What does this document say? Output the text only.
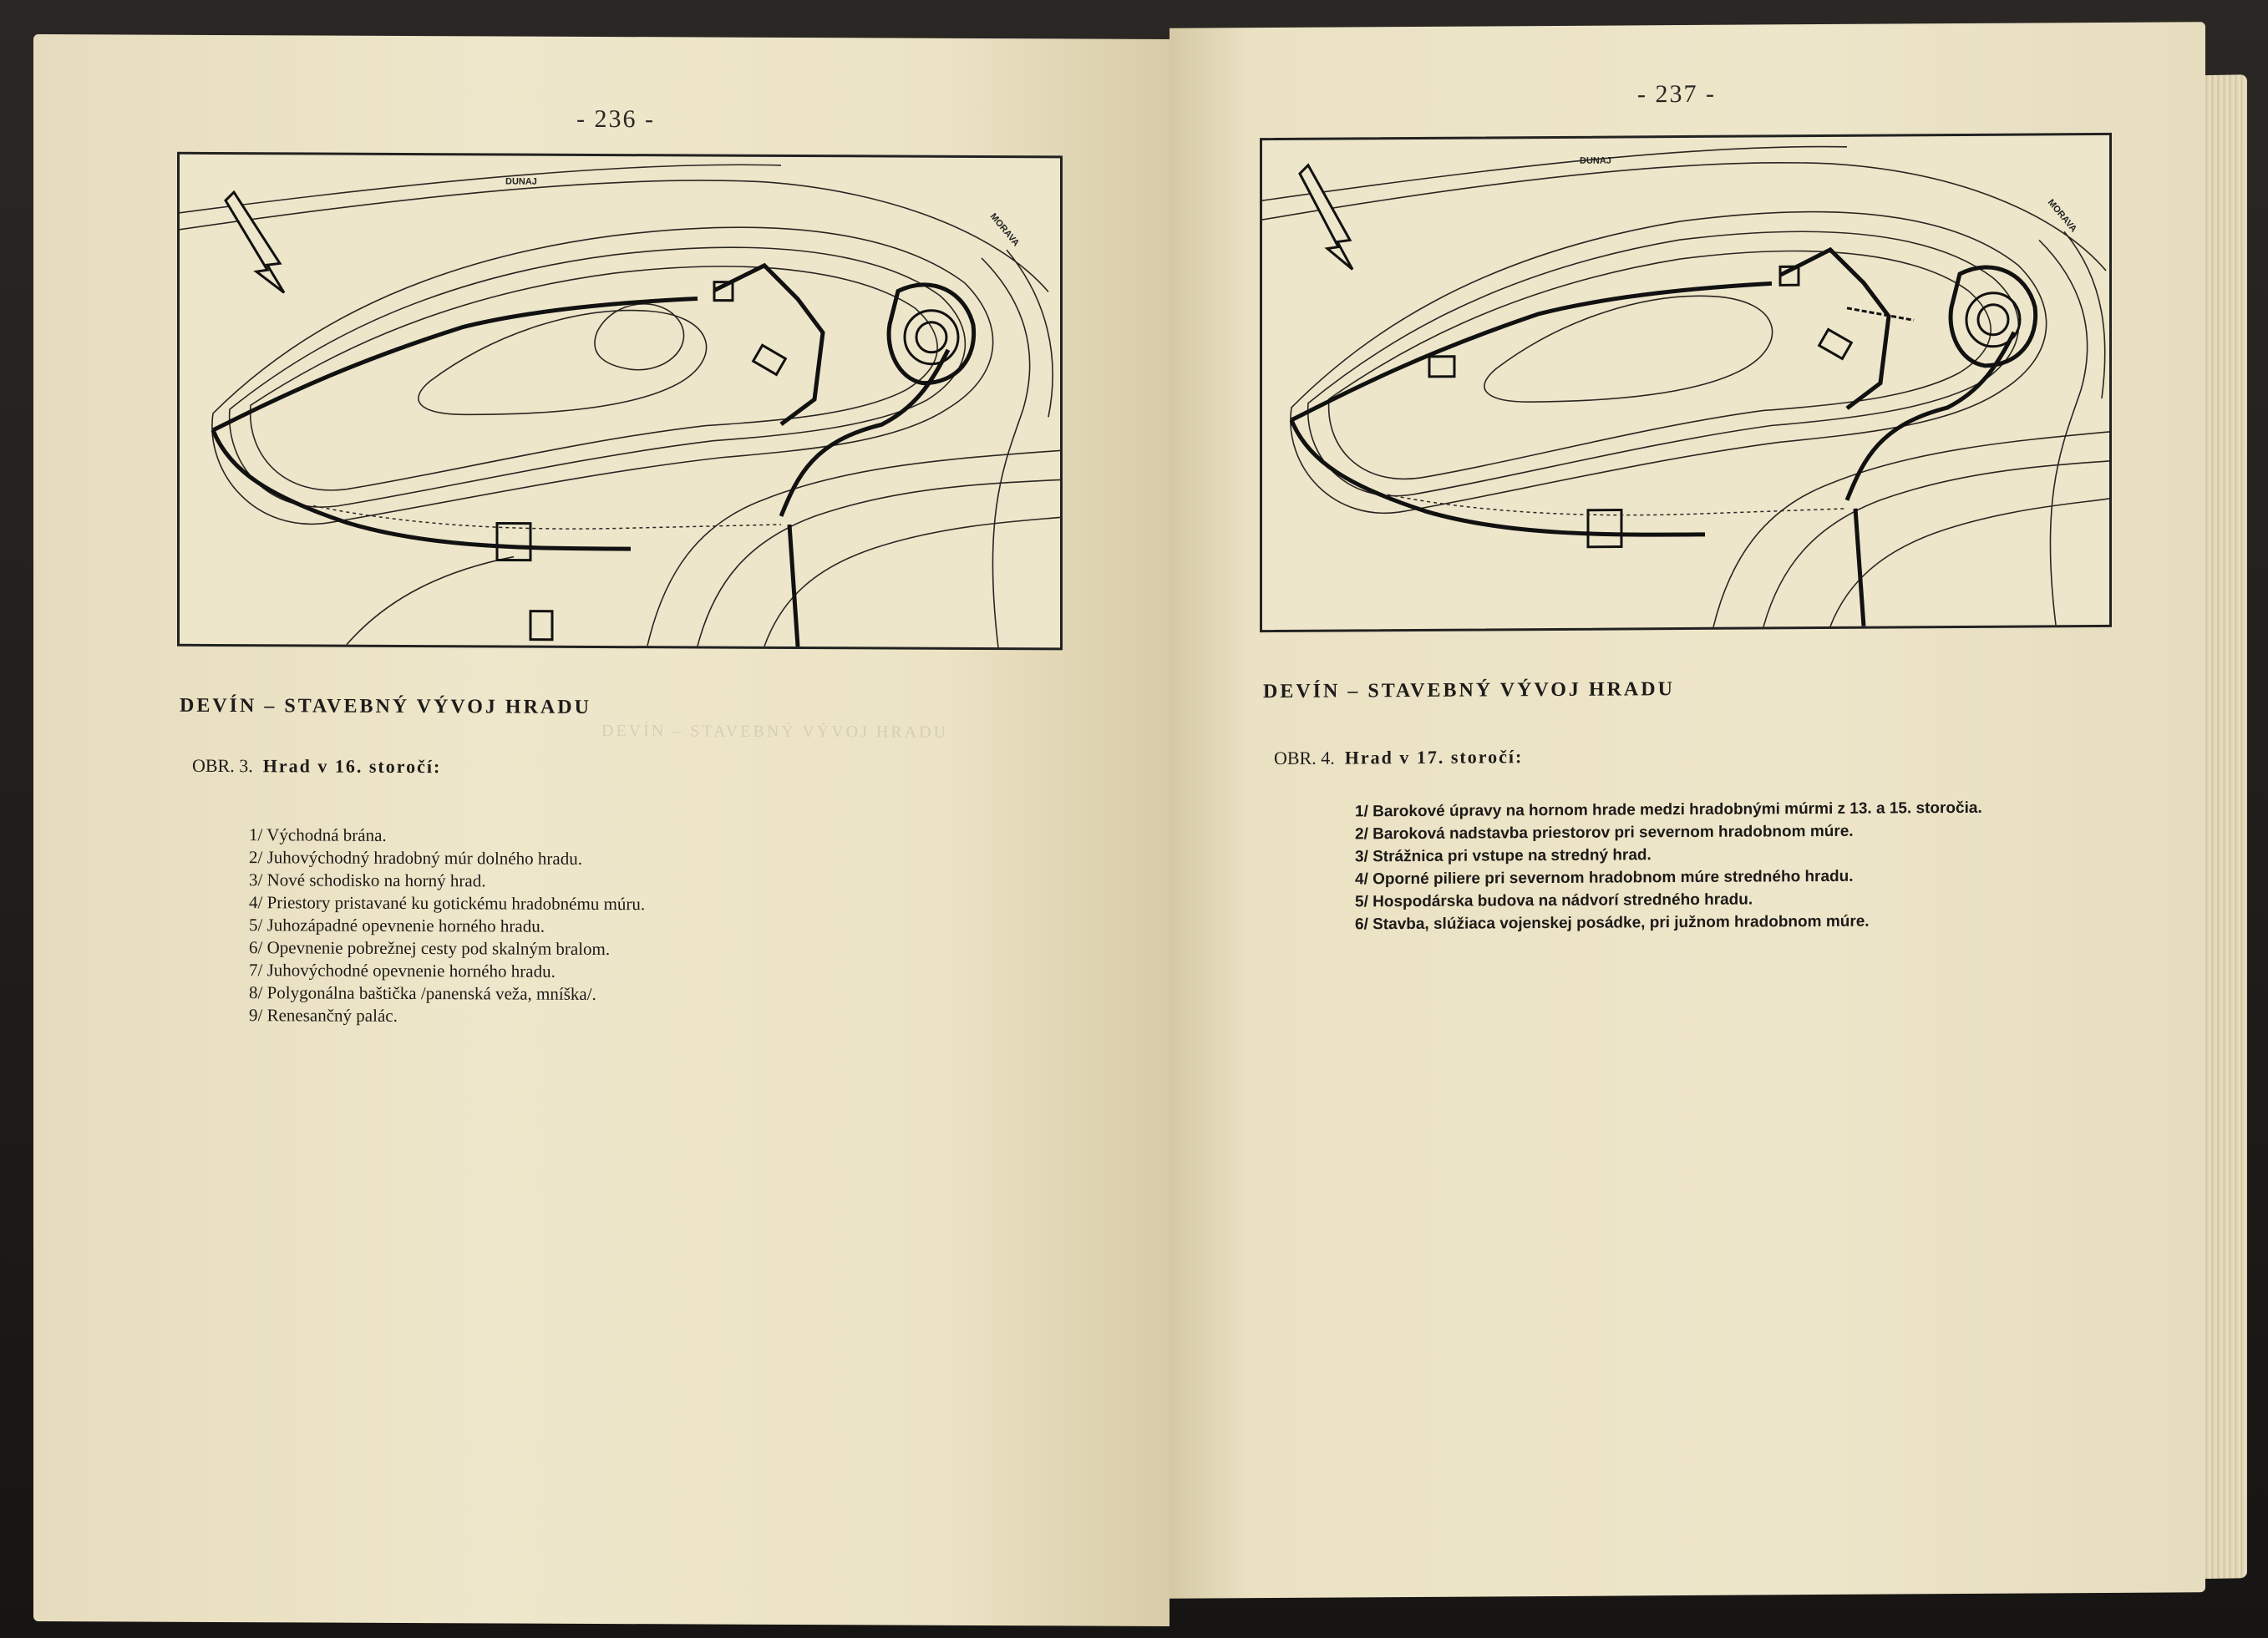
- 236 -
DUNAJ
MORAVA
DEVÍN – STAVEBNÝ VÝVOJ HRADU
OBR. 3. Hrad v 16. storočí:
1/ Východná brána.
2/ Juhovýchodný hradobný múr dolného hradu.
3/ Nové schodisko na horný hrad.
4/ Priestory pristavané ku gotickému hradobnému múru.
5/ Juhozápadné opevnenie horného hradu.
6/ Opevnenie pobrežnej cesty pod skalným bralom.
7/ Juhovýchodné opevnenie horného hradu.
8/ Polygonálna baštička /panenská veža, mníška/.
9/ Renesančný palác.
DEVÍN – STAVEBNÝ VÝVOJ HRADU
- 237 -
DUNAJ
MORAVA
DEVÍN – STAVEBNÝ VÝVOJ HRADU
OBR. 4. Hrad v 17. storočí:
1/ Barokové úpravy na hornom hrade medzi hradobnými múrmi z 13. a 15. storočia.
2/ Baroková nadstavba priestorov pri severnom hradobnom múre.
3/ Strážnica pri vstupe na stredný hrad.
4/ Oporné piliere pri severnom hradobnom múre stredného hradu.
5/ Hospodárska budova na nádvorí stredného hradu.
6/ Stavba, slúžiaca vojenskej posádke, pri južnom hradobnom múre.
